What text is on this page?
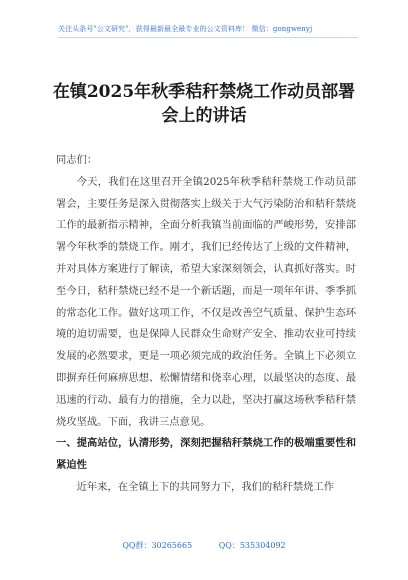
关注头条号"公文研究"，获得最新最全最专业的公文资料库！ 微信：gongwenyj
在镇2025年秋季秸秆禁烧工作动员部署
会上的讲话

同志们：

今天，我们在这里召开全镇2025年秋季秸秆禁烧工作动员部署会，主要任务是深入贯彻落实上级关于大气污染防治和秸秆禁烧工作的最新指示精神，全面分析我镇当前面临的严峻形势，安排部署今年秋季的禁烧工作。刚才，我们已经传达了上级的文件精神，并对具体方案进行了解读，希望大家深刻领会，认真抓好落实。时至今日，秸秆禁烧已经不是一个新话题，而是一项年年讲、季季抓的常态化工作。做好这项工作，不仅是改善空气质量、保护生态环境的迫切需要，也是保障人民群众生命财产安全、推动农业可持续发展的必然要求，更是一项必须完成的政治任务。全镇上下必须立即摒弃任何麻痹思想、松懈情绪和侥幸心理，以最坚决的态度、最迅速的行动、最有力的措施，全力以赴，坚决打赢这场秋季秸秆禁烧攻坚战。下面，我讲三点意见。

一、提高站位，认清形势，深刻把握秸秆禁烧工作的极端重要性和紧迫性

近年来，在全镇上下的共同努力下，我们的秸秆禁烧工作

QQ群：30265665	QQ：535304092
